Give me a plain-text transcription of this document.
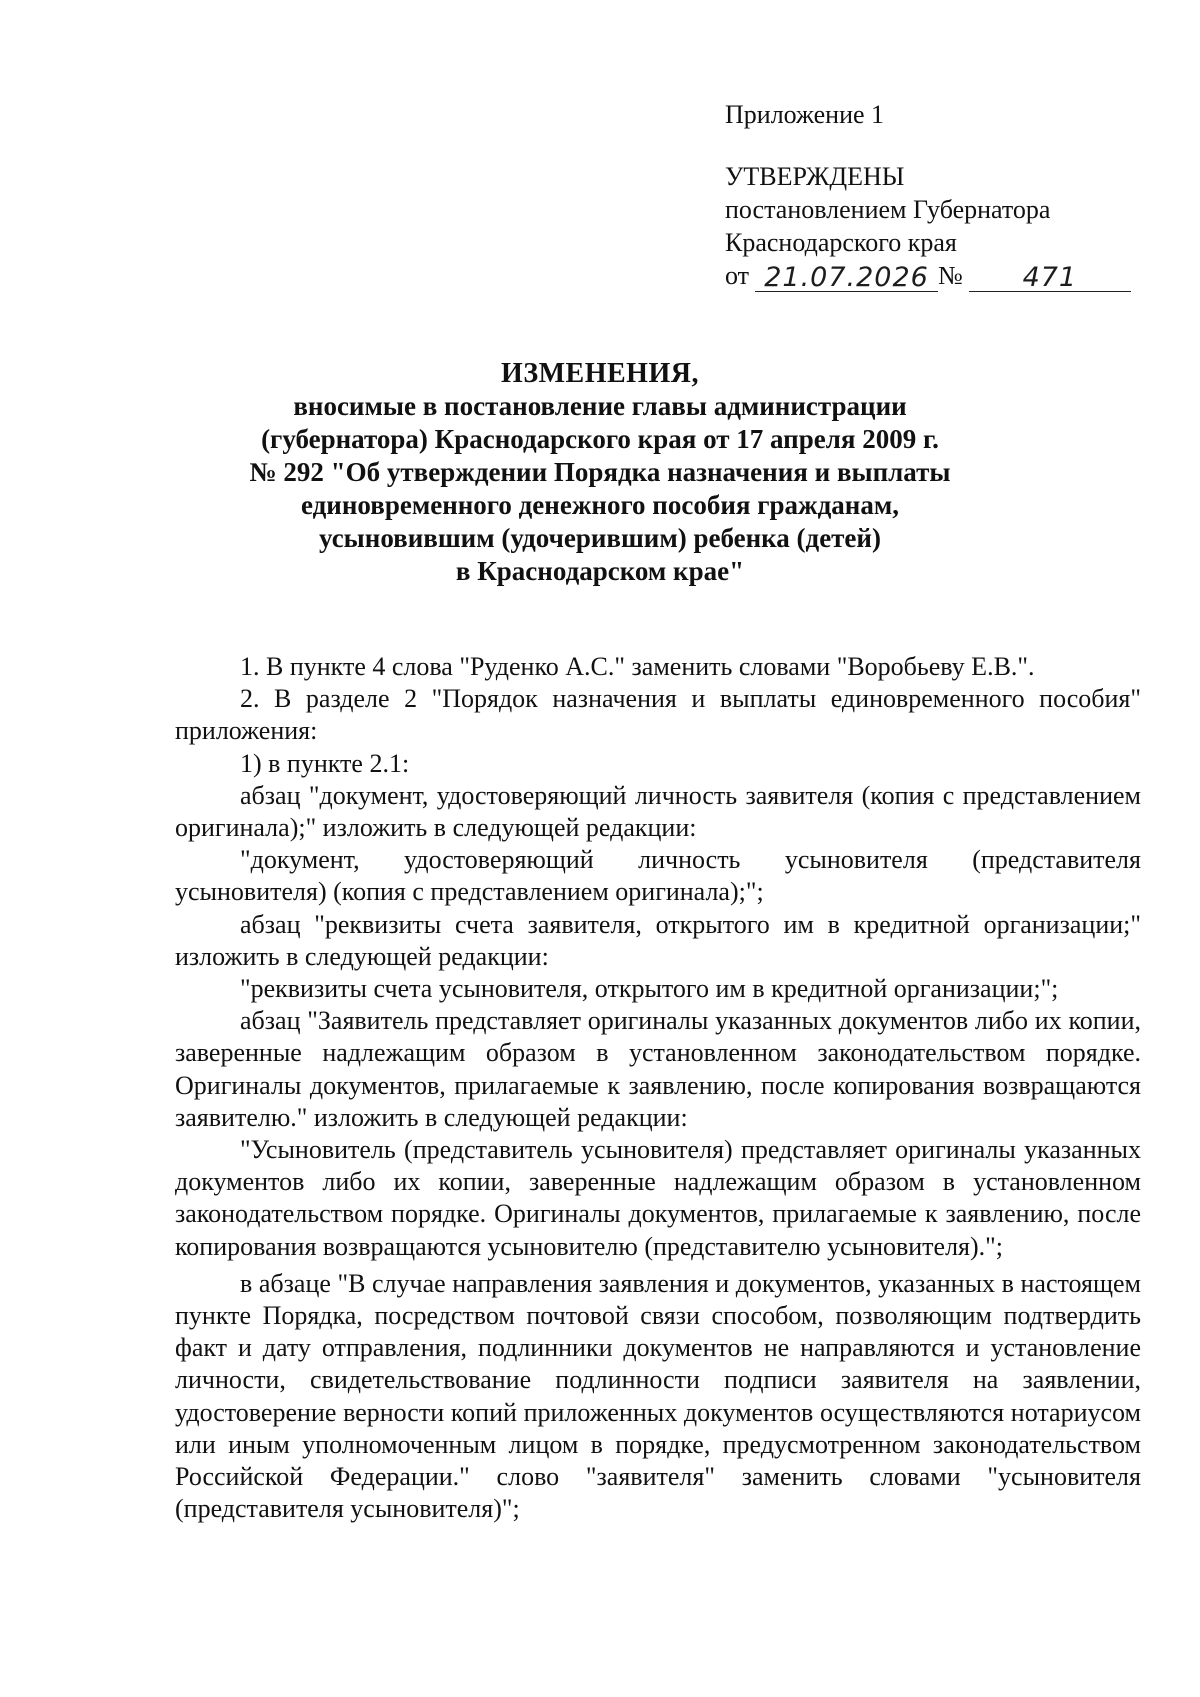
Приложение 1
УТВЕРЖДЕНЫ
постановлением Губернатора
Краснодарского края
от 21.07.2026 № 471
ИЗМЕНЕНИЯ,
вносимые в постановление главы администрации
(губернатора) Краснодарского края от 17 апреля 2009 г.
№ 292 "Об утверждении Порядка назначения и выплаты
единовременного денежного пособия гражданам,
усыновившим (удочерившим) ребенка (детей)
в Краснодарском крае"

1. В пункте 4 слова "Руденко А.С." заменить словами "Воробьеву Е.В.".

2. В разделе 2 "Порядок назначения и выплаты единовременного пособия" приложения:

1) в пункте 2.1:

абзац "документ, удостоверяющий личность заявителя (копия с представлением оригинала);" изложить в следующей редакции:

"документ, удостоверяющий личность усыновителя (представителя усыновителя) (копия с представлением оригинала);";

абзац "реквизиты счета заявителя, открытого им в кредитной организации;" изложить в следующей редакции:

"реквизиты счета усыновителя, открытого им в кредитной организации;";

абзац "Заявитель представляет оригиналы указанных документов либо их копии, заверенные надлежащим образом в установленном законодательством порядке. Оригиналы документов, прилагаемые к заявлению, после копирования возвращаются заявителю." изложить в следующей редакции:

"Усыновитель (представитель усыновителя) представляет оригиналы указанных документов либо их копии, заверенные надлежащим образом в установленном законодательством порядке. Оригиналы документов, прилагаемые к заявлению, после копирования возвращаются усыновителю (представителю усыновителя).";

в абзаце "В случае направления заявления и документов, указанных в настоящем пункте Порядка, посредством почтовой связи способом, позволяющим подтвердить факт и дату отправления, подлинники документов не направляются и установление личности, свидетельствование подлинности подписи заявителя на заявлении, удостоверение верности копий приложенных документов осуществляются нотариусом или иным уполномоченным лицом в порядке, предусмотренном законодательством Российской Федерации." слово "заявителя" заменить словами "усыновителя (представителя усыновителя)";
